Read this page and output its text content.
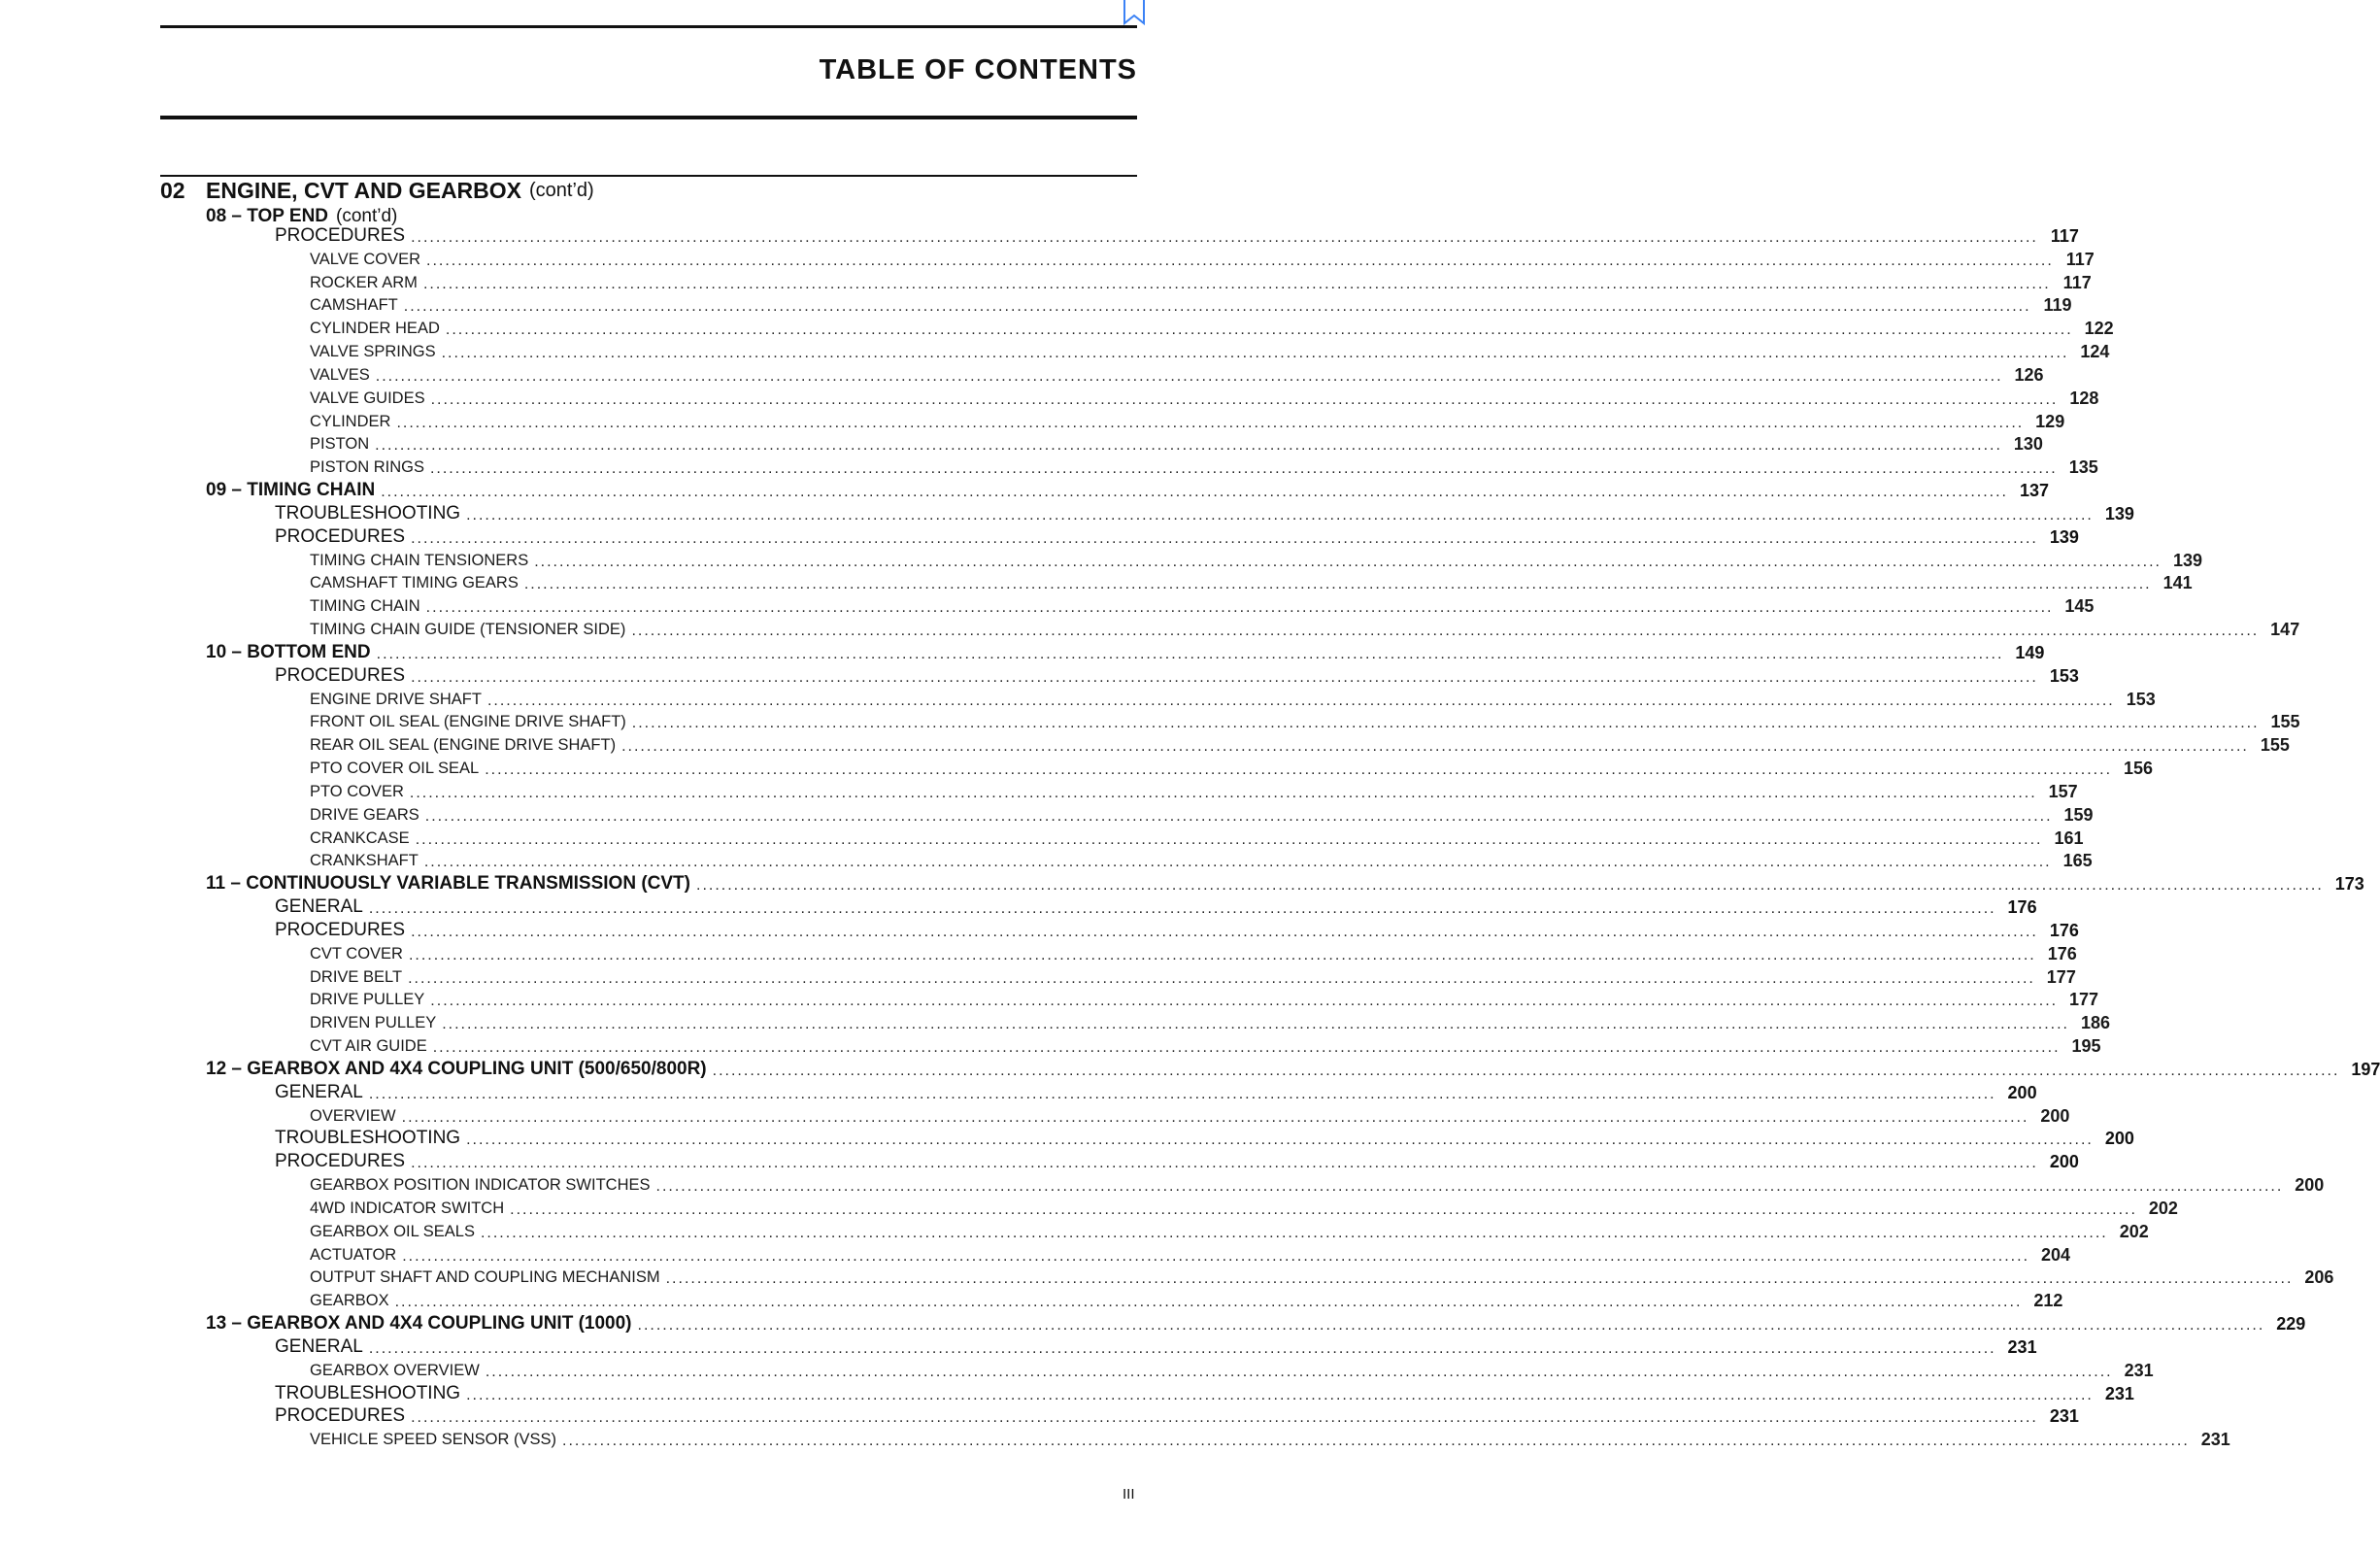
TABLE OF CONTENTS
02 ENGINE, CVT AND GEARBOX (cont’d)
08 – TOP END (cont’d)
PROCEDURES .................................................................................................................................................................................................................................................................... 117
VALVE COVER .................................................................................................................................................................................................................................................................... 117
ROCKER ARM .................................................................................................................................................................................................................................................................... 117
CAMSHAFT .................................................................................................................................................................................................................................................................... 119
CYLINDER HEAD .................................................................................................................................................................................................................................................................... 122
VALVE SPRINGS .................................................................................................................................................................................................................................................................... 124
VALVES .................................................................................................................................................................................................................................................................... 126
VALVE GUIDES .................................................................................................................................................................................................................................................................... 128
CYLINDER .................................................................................................................................................................................................................................................................... 129
PISTON .................................................................................................................................................................................................................................................................... 130
PISTON RINGS .................................................................................................................................................................................................................................................................... 135
09 – TIMING CHAIN .................................................................................................................................................................................................................................................................... 137
TROUBLESHOOTING .................................................................................................................................................................................................................................................................... 139
PROCEDURES .................................................................................................................................................................................................................................................................... 139
TIMING CHAIN TENSIONERS .................................................................................................................................................................................................................................................................... 139
CAMSHAFT TIMING GEARS .................................................................................................................................................................................................................................................................... 141
TIMING CHAIN .................................................................................................................................................................................................................................................................... 145
TIMING CHAIN GUIDE (TENSIONER SIDE) .................................................................................................................................................................................................................................................................... 147
10 – BOTTOM END .................................................................................................................................................................................................................................................................... 149
PROCEDURES .................................................................................................................................................................................................................................................................... 153
ENGINE DRIVE SHAFT .................................................................................................................................................................................................................................................................... 153
FRONT OIL SEAL (ENGINE DRIVE SHAFT) .................................................................................................................................................................................................................................................................... 155
REAR OIL SEAL (ENGINE DRIVE SHAFT) .................................................................................................................................................................................................................................................................... 155
PTO COVER OIL SEAL .................................................................................................................................................................................................................................................................... 156
PTO COVER .................................................................................................................................................................................................................................................................... 157
DRIVE GEARS .................................................................................................................................................................................................................................................................... 159
CRANKCASE .................................................................................................................................................................................................................................................................... 161
CRANKSHAFT .................................................................................................................................................................................................................................................................... 165
11 – CONTINUOUSLY VARIABLE TRANSMISSION (CVT) .................................................................................................................................................................................................................................................................... 173
GENERAL .................................................................................................................................................................................................................................................................... 176
PROCEDURES .................................................................................................................................................................................................................................................................... 176
CVT COVER .................................................................................................................................................................................................................................................................... 176
DRIVE BELT .................................................................................................................................................................................................................................................................... 177
DRIVE PULLEY .................................................................................................................................................................................................................................................................... 177
DRIVEN PULLEY .................................................................................................................................................................................................................................................................... 186
CVT AIR GUIDE .................................................................................................................................................................................................................................................................... 195
12 – GEARBOX AND 4X4 COUPLING UNIT (500/650/800R) .................................................................................................................................................................................................................................................................... 197
GENERAL .................................................................................................................................................................................................................................................................... 200
OVERVIEW .................................................................................................................................................................................................................................................................... 200
TROUBLESHOOTING .................................................................................................................................................................................................................................................................... 200
PROCEDURES .................................................................................................................................................................................................................................................................... 200
GEARBOX POSITION INDICATOR SWITCHES .................................................................................................................................................................................................................................................................... 200
4WD INDICATOR SWITCH .................................................................................................................................................................................................................................................................... 202
GEARBOX OIL SEALS .................................................................................................................................................................................................................................................................... 202
ACTUATOR .................................................................................................................................................................................................................................................................... 204
OUTPUT SHAFT AND COUPLING MECHANISM .................................................................................................................................................................................................................................................................... 206
GEARBOX .................................................................................................................................................................................................................................................................... 212
13 – GEARBOX AND 4X4 COUPLING UNIT (1000) .................................................................................................................................................................................................................................................................... 229
GENERAL .................................................................................................................................................................................................................................................................... 231
GEARBOX OVERVIEW .................................................................................................................................................................................................................................................................... 231
TROUBLESHOOTING .................................................................................................................................................................................................................................................................... 231
PROCEDURES .................................................................................................................................................................................................................................................................... 231
VEHICLE SPEED SENSOR (VSS) .................................................................................................................................................................................................................................................................... 231
III
